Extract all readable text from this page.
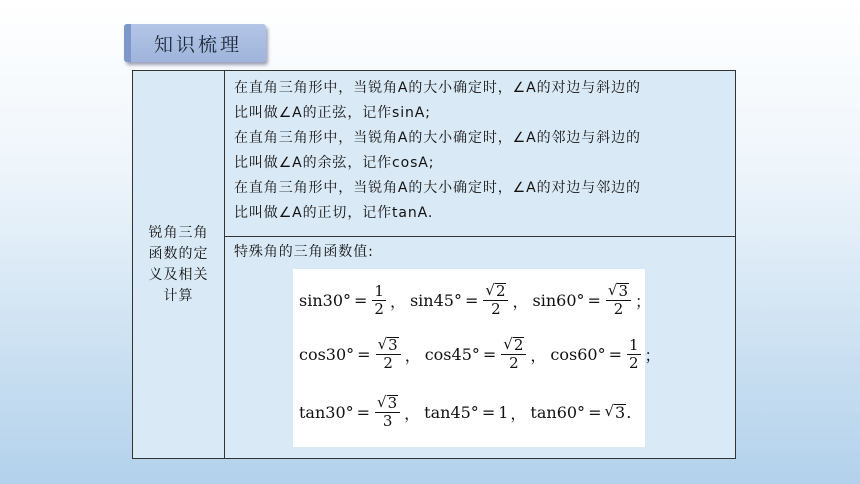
知识梳理
锐角三角函数的定义及相关计算

在直角三角形中，当锐角A的大小确定时，∠A的对边与斜边的

比叫做∠A的正弦，记作sinA;

在直角三角形中，当锐角A的大小确定时，∠A的邻边与斜边的

比叫做∠A的余弦，记作cosA;

在直角三角形中，当锐角A的大小确定时，∠A的对边与邻边的

比叫做∠A的正切，记作tanA.

特殊角的三角函数值:

$\sin 30^\circ = \frac{1}{2}$ ， $\sin 45^\circ = \frac{√ 2}{2}$ ， $\sin 60^\circ = \frac{√ 3}{2}$ ；
$\cos 30^\circ = \frac{√ 3}{2}$ ， $\cos 45^\circ = \frac{√ 2}{2}$ ， $\cos 60^\circ = \frac{1}{2}$ ；
$\tan 30^\circ = \frac{√ 3}{3}$ ， tan45° = 1 ， tan60° = √ 3 .
